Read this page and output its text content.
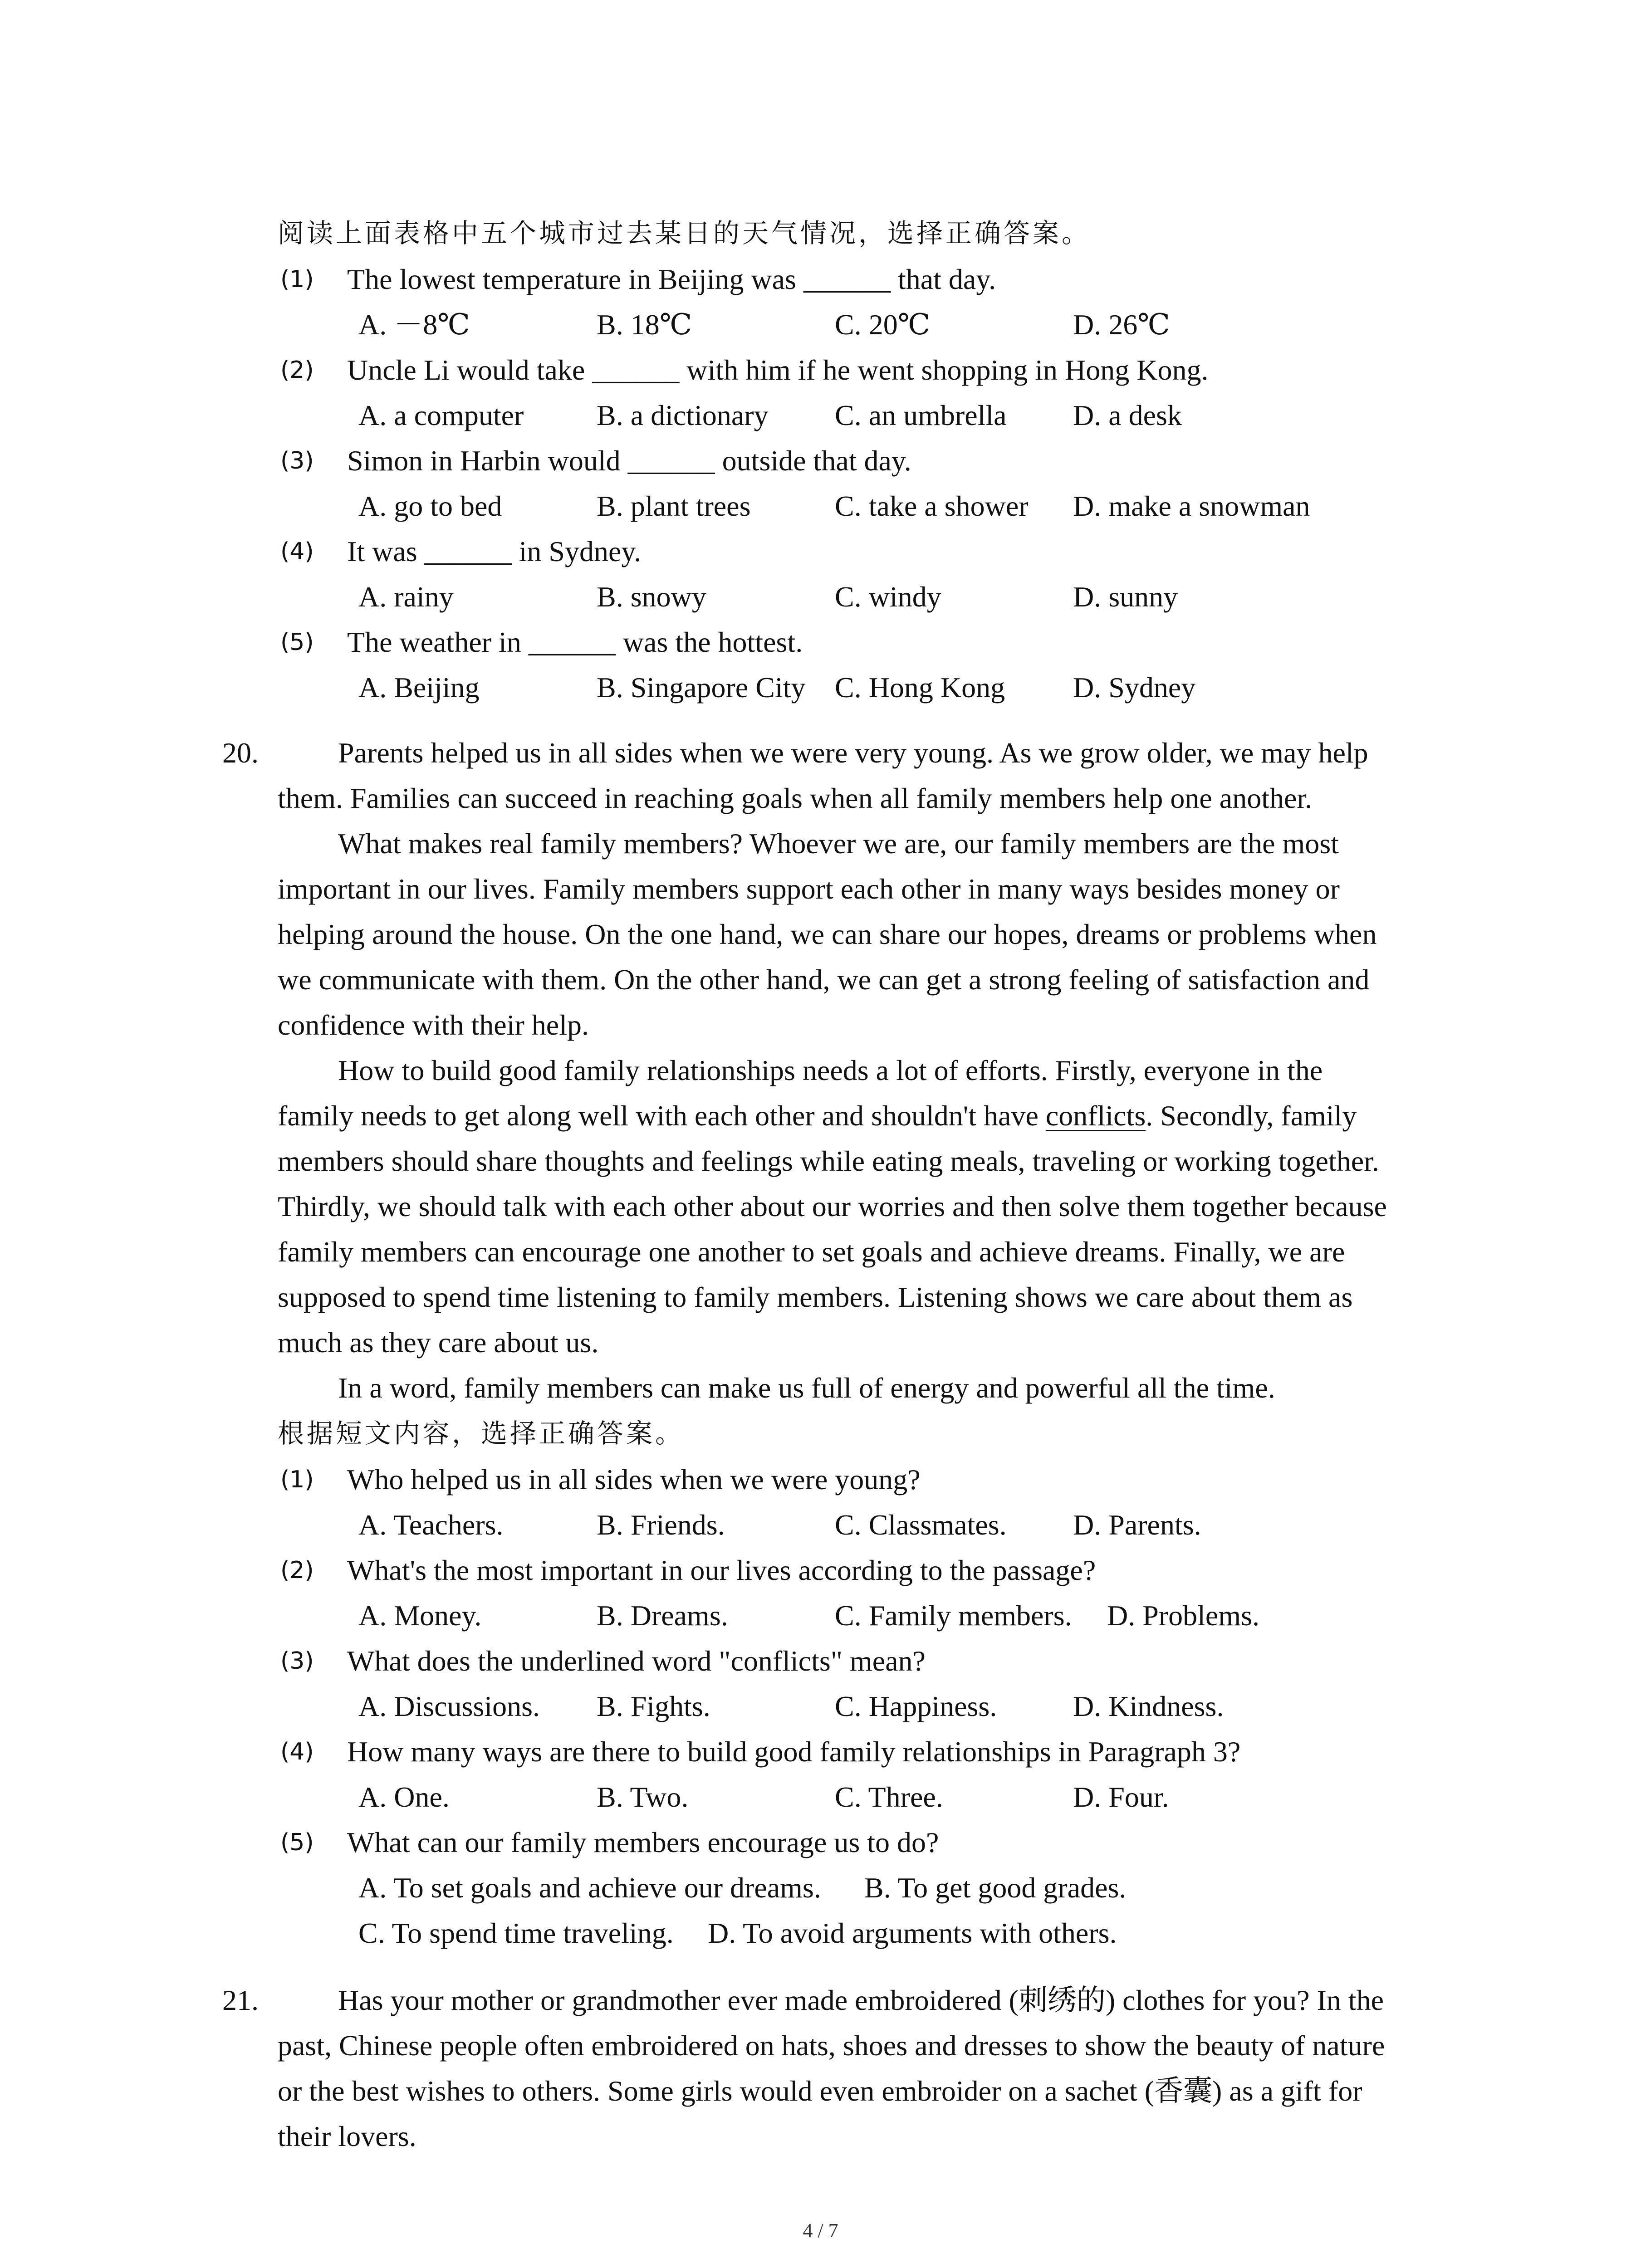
阅读上面表格中五个城市过去某日的天气情况，选择正确答案。
(1) The lowest temperature in Beijing was ______ that day.
A. －8℃	B. 18℃	C. 20℃	D. 26℃
(2) Uncle Li would take ______ with him if he went shopping in Hong Kong.
A. a computer	B. a dictionary C. an umbrella D. a desk
(3) Simon in Harbin would ______ outside that day.
A. go to bed	B. plant trees	C. take a shower D. make a snowman
(4) It was ______ in Sydney.
A. rainy	B. snowy	C. windy	D. sunny
(5) The weather in ______ was the hottest.
A. Beijing	B. Singapore City C. Hong Kong D. Sydney
20.	Parents helped us in all sides when we were very young. As we grow older, we may help
them. Families can succeed in reaching goals when all family members help one another.
What makes real family members? Whoever we are, our family members are the most
important in our lives. Family members support each other in many ways besides money or
helping around the house. On the one hand, we can share our hopes, dreams or problems when
we communicate with them. On the other hand, we can get a strong feeling of satisfaction and
confidence with their help.
How to build good family relationships needs a lot of efforts. Firstly, everyone in the
family needs to get along well with each other and shouldn't have conflicts. Secondly, family
members should share thoughts and feelings while eating meals, traveling or working together.
Thirdly, we should talk with each other about our worries and then solve them together because
family members can encourage one another to set goals and achieve dreams. Finally, we are
supposed to spend time listening to family members. Listening shows we care about them as
much as they care about us.
In a word, family members can make us full of energy and powerful all the time.
根据短文内容，选择正确答案。
(1) Who helped us in all sides when we were young?
A. Teachers.	B. Friends.	C. Classmates. D. Parents.
(2) What's the most important in our lives according to the passage?
A. Money.	B. Dreams.	C. Family members. D. Problems.
(3) What does the underlined word "conflicts" mean?
A. Discussions. B. Fights.	C. Happiness.	D. Kindness.
(4) How many ways are there to build good family relationships in Paragraph 3?
A. One.	B. Two.	C. Three.	D. Four.
(5) What can our family members encourage us to do?
A. To set goals and achieve our dreams. B. To get good grades.
C. To spend time traveling. D. To avoid arguments with others.
21.	Has your mother or grandmother ever made embroidered (刺绣的) clothes for you? In the
past, Chinese people often embroidered on hats, shoes and dresses to show the beauty of nature
or the best wishes to others. Some girls would even embroider on a sachet (香囊) as a gift for
their lovers.
4 / 7
